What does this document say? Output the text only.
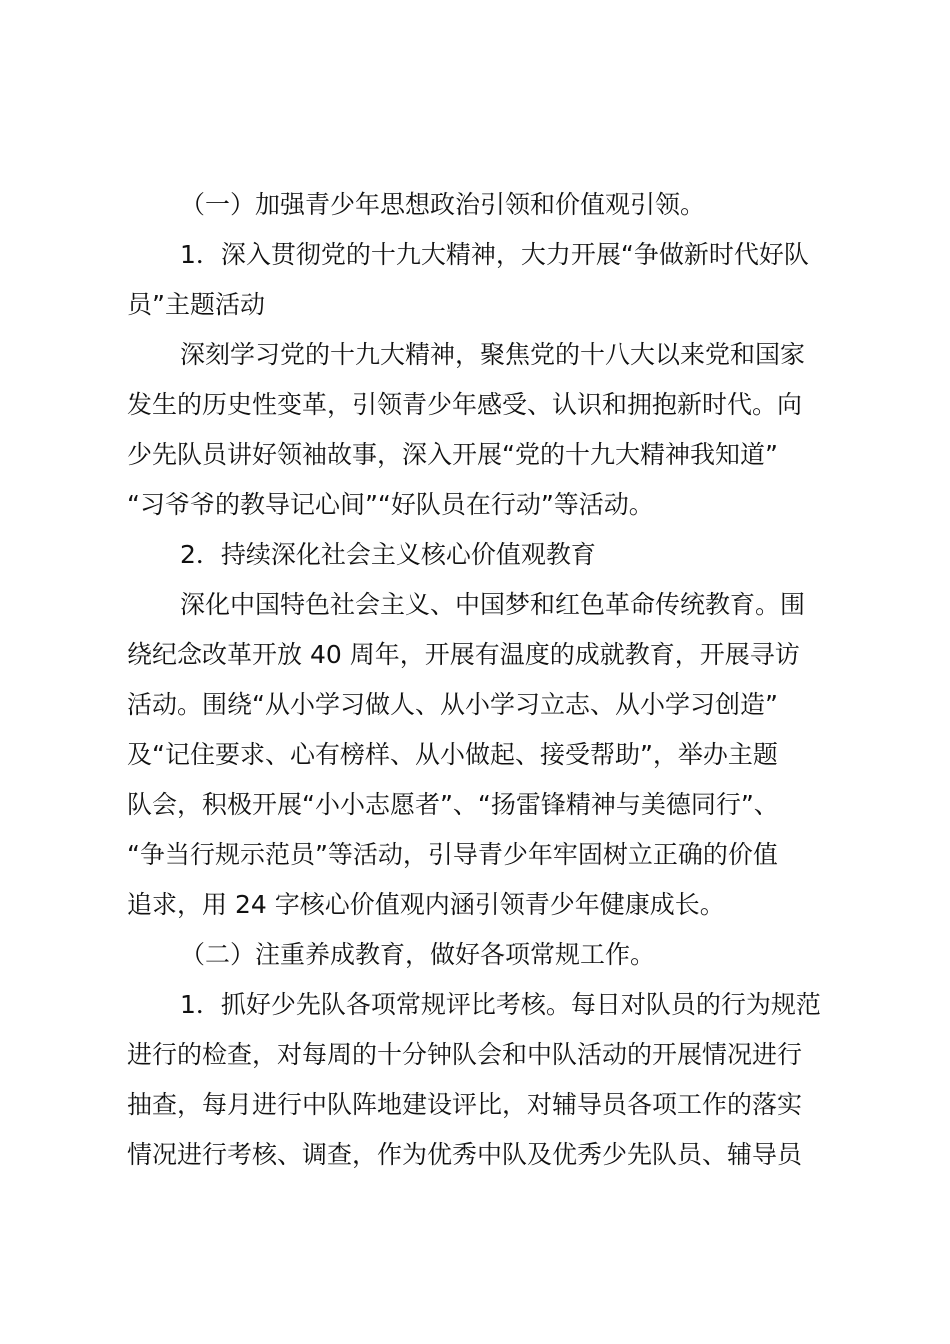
（一）加强青少年思想政治引领和价值观引领。
1．深入贯彻党的十九大精神，大力开展“争做新时代好队
员”主题活动
深刻学习党的十九大精神，聚焦党的十八大以来党和国家
发生的历史性变革，引领青少年感受、认识和拥抱新时代。向
少先队员讲好领袖故事，深入开展“党的十九大精神我知道”
“习爷爷的教导记心间”“好队员在行动”等活动。
2．持续深化社会主义核心价值观教育
深化中国特色社会主义、中国梦和红色革命传统教育。围
绕纪念改革开放 40 周年，开展有温度的成就教育，开展寻访
活动。围绕“从小学习做人、从小学习立志、从小学习创造”
及“记住要求、心有榜样、从小做起、接受帮助”，举办主题
队会，积极开展“小小志愿者”、“扬雷锋精神与美德同行”、
“争当行规示范员”等活动，引导青少年牢固树立正确的价值
追求，用 24 字核心价值观内涵引领青少年健康成长。
（二）注重养成教育，做好各项常规工作。
1．抓好少先队各项常规评比考核。每日对队员的行为规范
进行的检查，对每周的十分钟队会和中队活动的开展情况进行
抽查，每月进行中队阵地建设评比，对辅导员各项工作的落实
情况进行考核、调查，作为优秀中队及优秀少先队员、辅导员
